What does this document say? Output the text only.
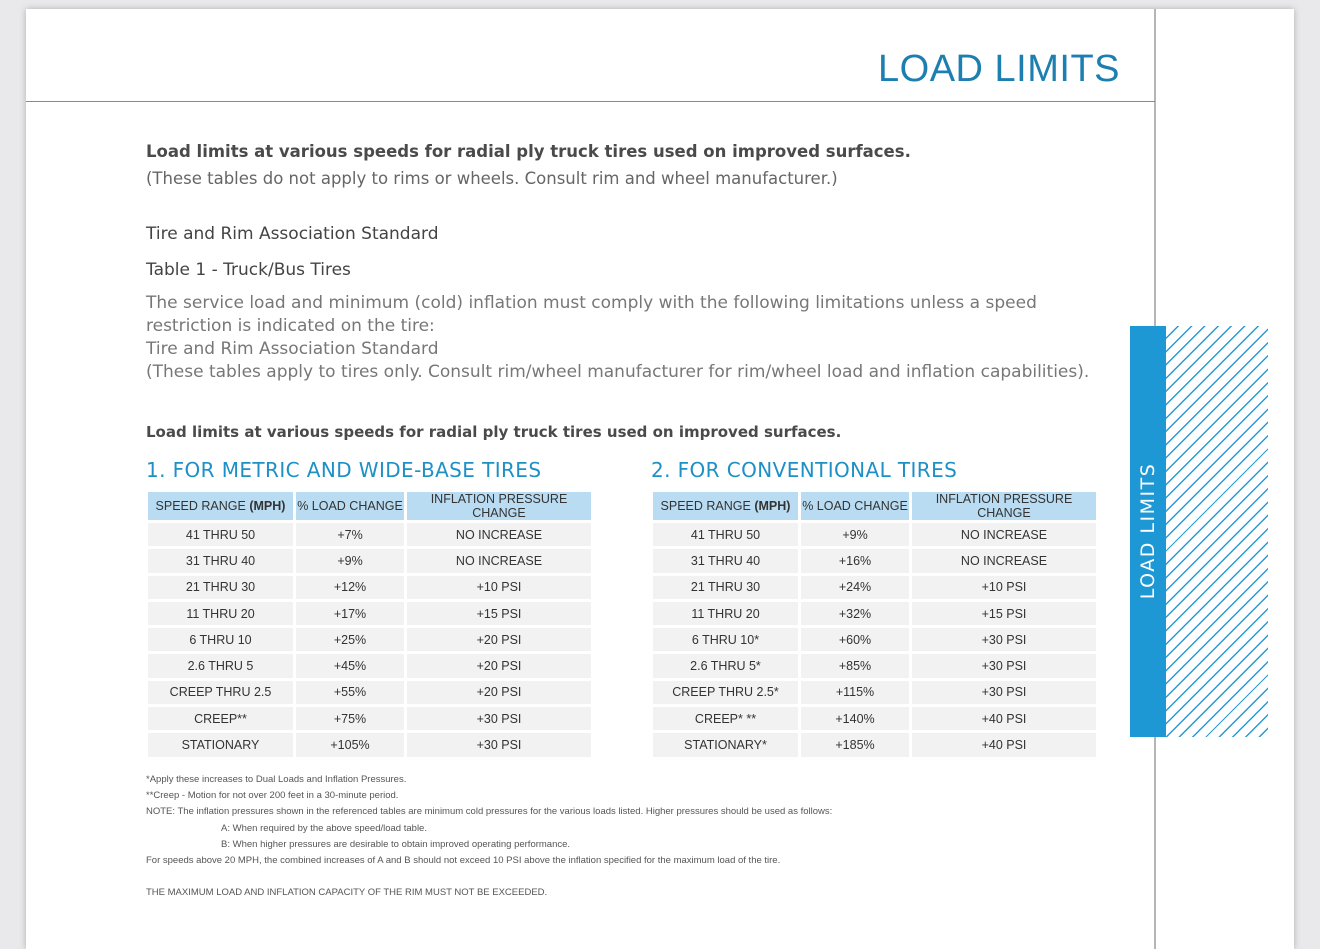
LOAD LIMITS

Load limits at various speeds for radial ply truck tires used on improved surfaces.

(These tables do not apply to rims or wheels. Consult rim and wheel manufacturer.)

Tire and Rim Association Standard

Table 1 - Truck/Bus Tires

The service load and minimum (cold) inflation must comply with the following limitations unless a speed restriction is indicated on the tire:
Tire and Rim Association Standard
(These tables apply to tires only. Consult rim/wheel manufacturer for rim/wheel load and inflation capabilities).

Load limits at various speeds for radial ply truck tires used on improved surfaces.

1. FOR METRIC AND WIDE-BASE TIRES	2. FOR CONVENTIONAL TIRES
SPEED RANGE (MPH)	% LOAD CHANGE	INFLATION PRESSURE CHANGE
41 THRU 50	+7%	NO INCREASE
31 THRU 40	+9%	NO INCREASE
21 THRU 30	+12%	+10 PSI
11 THRU 20	+17%	+15 PSI
6 THRU 10	+25%	+20 PSI
2.6 THRU 5	+45%	+20 PSI
CREEP THRU 2.5	+55%	+20 PSI
CREEP**	+75%	+30 PSI
STATIONARY	+105%	+30 PSI
SPEED RANGE (MPH)	% LOAD CHANGE	INFLATION PRESSURE CHANGE
41 THRU 50	+9%	NO INCREASE
31 THRU 40	+16%	NO INCREASE
21 THRU 30	+24%	+10 PSI
11 THRU 20	+32%	+15 PSI
6 THRU 10*	+60%	+30 PSI
2.6 THRU 5*	+85%	+30 PSI
CREEP THRU 2.5*	+115%	+30 PSI
CREEP* **	+140%	+40 PSI
STATIONARY*	+185%	+40 PSI
*Apply these increases to Dual Loads and Inflation Pressures.
**Creep - Motion for not over 200 feet in a 30-minute period.
NOTE: The inflation pressures shown in the referenced tables are minimum cold pressures for the various loads listed. Higher pressures should be used as follows:
A: When required by the above speed/load table.
B: When higher pressures are desirable to obtain improved operating performance.
For speeds above 20 MPH, the combined increases of A and B should not exceed 10 PSI above the inflation specified for the maximum load of the tire.
THE MAXIMUM LOAD AND INFLATION CAPACITY OF THE RIM MUST NOT BE EXCEEDED.

LOAD LIMITS
